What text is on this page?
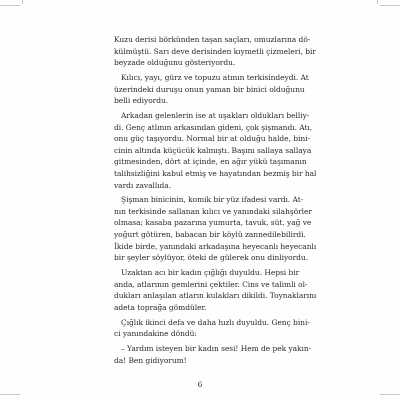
Kuzu derisi börkünden taşan saçları, omuzlarına dö-
külmüştü. Sarı deve derisinden kıymetli çizmeleri, bir
beyzade olduğunu gösteriyordu.

Kılıcı, yayı, gürz ve topuzu atının terkisindeydi. At
üzerindeki duruşu onun yaman bir binici olduğunu
belli ediyordu.

Arkadan gelenlerin ise at uşakları oldukları belliy-
di. Genç atlının arkasından gideni, çok şişmandı. Atı,
onu güç taşıyordu. Normal bir at olduğu halde, bini-
cinin altında küçücük kalmıştı. Başını sallaya sallaya
gitmesinden, dört at içinde, en ağır yükü taşımanın
talihsizliğini kabul etmiş ve hayatından bezmiş bir hal
vardı zavallıda.

Şişman binicinin, komik bir yüz ifadesi vardı. At-
nın terkisinde sallanan kılıcı ve yanındaki silahşörler
olmasa; kasaba pazarına yumurta, tavuk, süt, yağ ve
yoğurt götüren, babacan bir köylü zannedilebilirdi.
İkide birde, yanındaki arkadaşına heyecanlı heyecanlı
bir şeyler söylüyor, öteki de gülerek onu dinliyordu.

Uzaktan acı bir kadın çığlığı duyuldu. Hepsi bir
anda, atlarının gemlerini çektiler. Cins ve talimli ol-
dukları anlaşılan atların kulakları dikildi. Toynaklarını
adeta toprağa gömdüler.

Çığlık ikinci defa ve daha hızlı duyuldu. Genç bini-
ci yanındakine döndü:

– Yardım isteyen bir kadın sesi! Hem de pek yakın-
da! Ben gidiyorum!

6
